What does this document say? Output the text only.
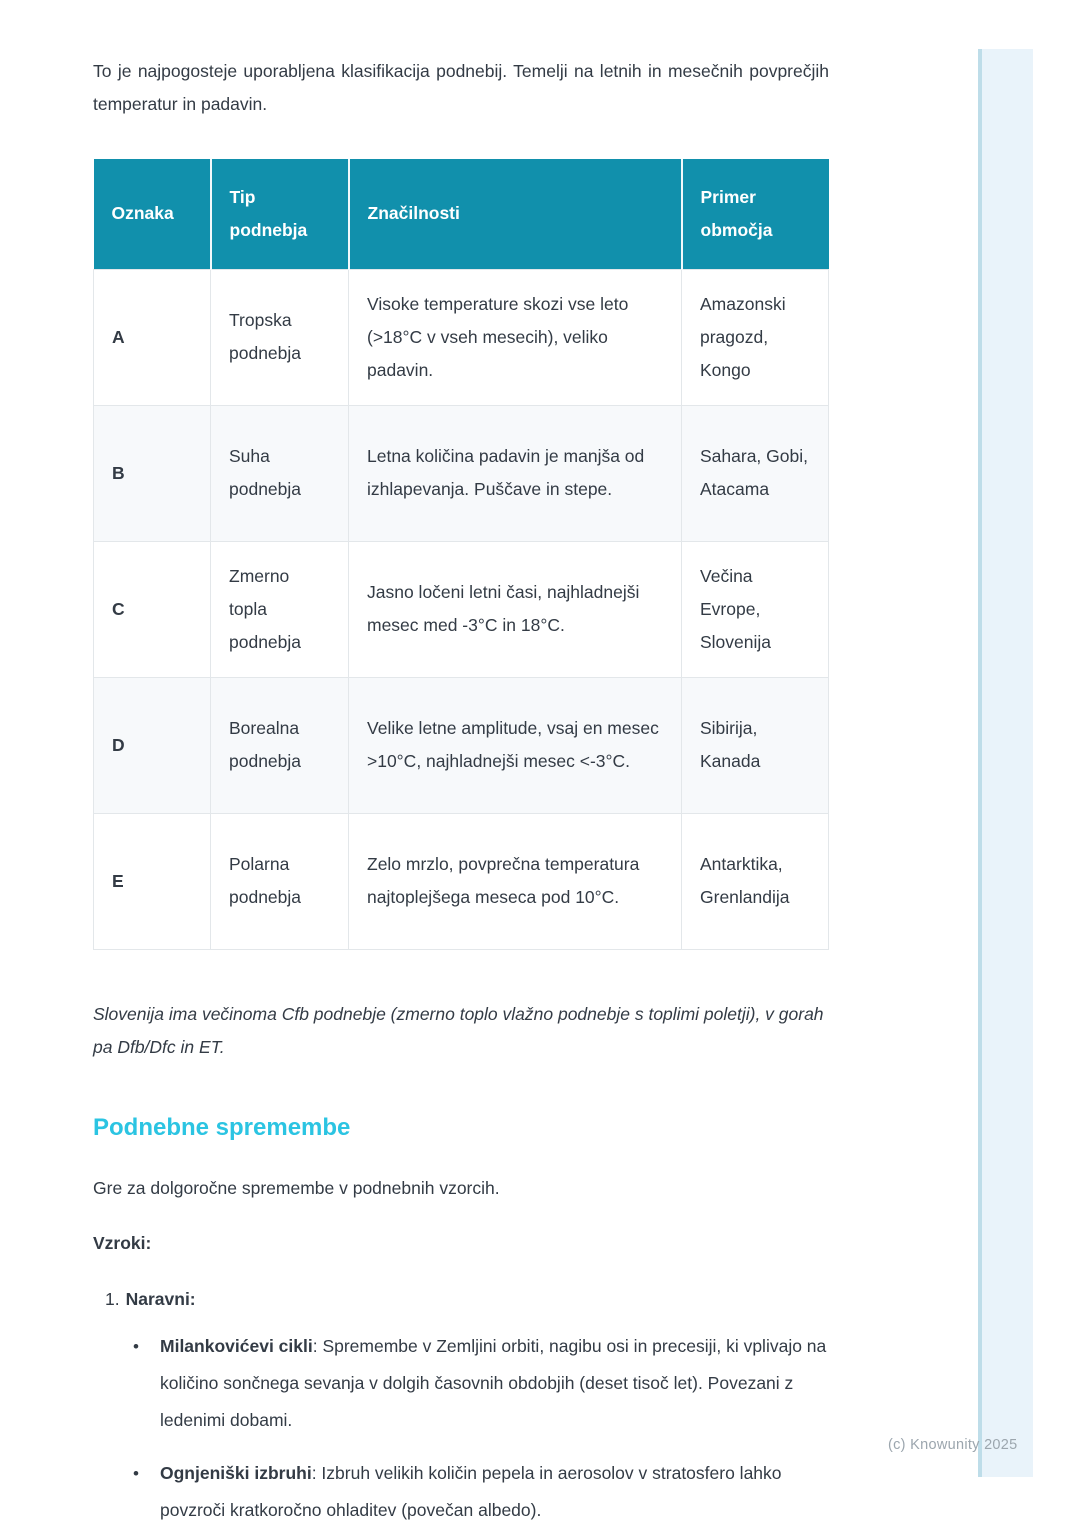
To je najpogosteje uporabljena klasifikacija podnebij. Temelji na letnih in mesečnih povprečjih temperatur in padavin.

Oznaka	Tip podnebja	Značilnosti	Primer območja
A	Tropska podnebja	Visoke temperature skozi vse leto (>18°C v vseh mesecih), veliko padavin.	Amazonski pragozd, Kongo
B	Suha podnebja	Letna količina padavin je manjša od izhlapevanja. Puščave in stepe.	Sahara, Gobi, Atacama
C	Zmerno topla podnebja	Jasno ločeni letni časi, najhladnejši mesec med -3°C in 18°C.	Večina Evrope, Slovenija
D	Borealna podnebja	Velike letne amplitude, vsaj en mesec >10°C, najhladnejši mesec <-3°C.	Sibirija, Kanada
E	Polarna podnebja	Zelo mrzlo, povprečna temperatura najtoplejšega meseca pod 10°C.	Antarktika, Grenlandija

Slovenija ima večinoma Cfb podnebje (zmerno toplo vlažno podnebje s toplimi poletji), v gorah pa Dfb/Dfc in ET.

Podnebne spremembe

Gre za dolgoročne spremembe v podnebnih vzorcih.

Vzroki:

1. Naravni:
•	Milankovićevi cikli: Spremembe v Zemljini orbiti, nagibu osi in precesiji, ki vplivajo na količino sončnega sevanja v dolgih časovnih obdobjih (deset tisoč let). Povezani z ledenimi dobami.

•	Ognjeniški izbruhi: Izbruh velikih količin pepela in aerosolov v stratosfero lahko povzroči kratkoročno ohladitev (povečan albedo).

(c) Knowunity 2025
